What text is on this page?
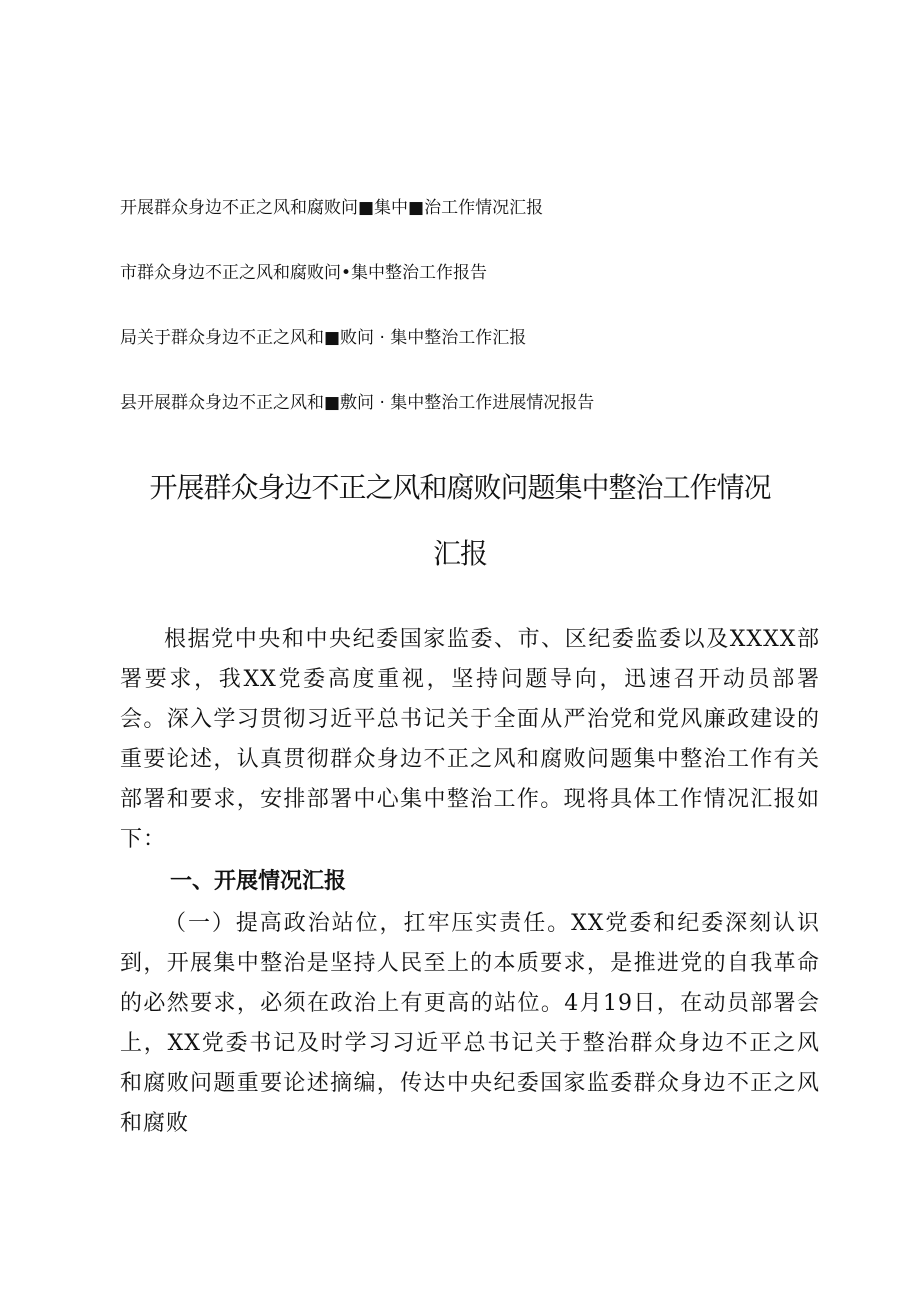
开展群众身边不正之风和腐败问■集中■治工作情况汇报
市群众身边不正之风和腐败问•集中整治工作报告
局关于群众身边不正之风和■败问 · 集中整治工作汇报
县开展群众身边不正之风和■敷问 · 集中整治工作进展情况报告
开展群众身边不正之风和腐败问题集中整治工作情况汇报

根据党中央和中央纪委国家监委、市、区纪委监委以及XXXX部署要求，我XX党委高度重视，坚持问题导向，迅速召开动员部署会。深入学习贯彻习近平总书记关于全面从严治党和党风廉政建设的重要论述，认真贯彻群众身边不正之风和腐败问题集中整治工作有关部署和要求，安排部署中心集中整治工作。现将具体工作情况汇报如下：

一、开展情况汇报

（一）提高政治站位，扛牢压实责任。XX党委和纪委深刻认识到，开展集中整治是坚持人民至上的本质要求，是推进党的自我革命的必然要求，必须在政治上有更高的站位。4月19日，在动员部署会上，XX党委书记及时学习习近平总书记关于整治群众身边不正之风和腐败问题重要论述摘编，传达中央纪委国家监委群众身边不正之风和腐败
